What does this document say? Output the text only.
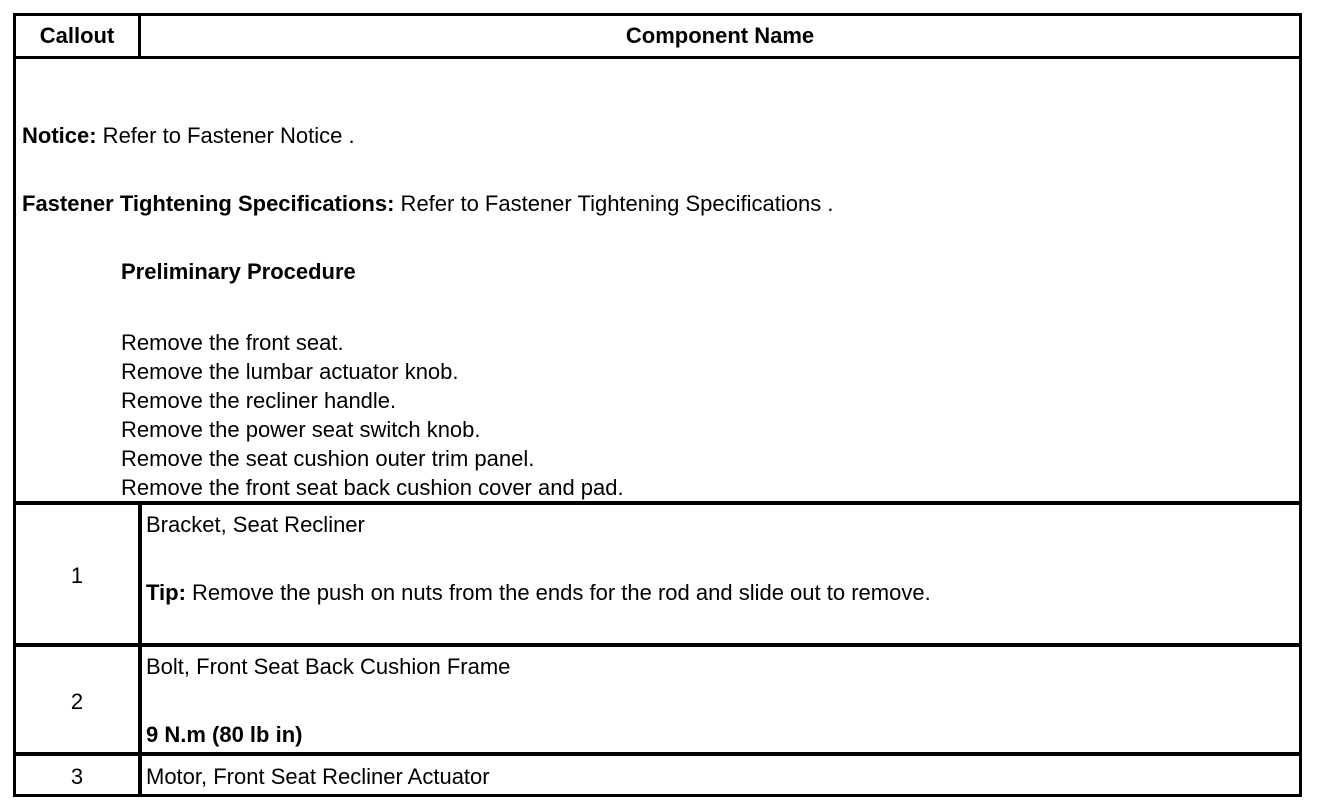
Callout	Component Name
Notice: Refer to Fastener Notice .
Fastener Tightening Specifications: Refer to Fastener Tightening Specifications .
Preliminary Procedure
Remove the front seat.
Remove the lumbar actuator knob.
Remove the recliner handle.
Remove the power seat switch knob.
Remove the seat cushion outer trim panel.
Remove the front seat back cushion cover and pad.
1
Bracket, Seat Recliner
Tip: Remove the push on nuts from the ends for the rod and slide out to remove.
2
Bolt, Front Seat Back Cushion Frame
9 N.m (80 lb in)
3	Motor, Front Seat Recliner Actuator
